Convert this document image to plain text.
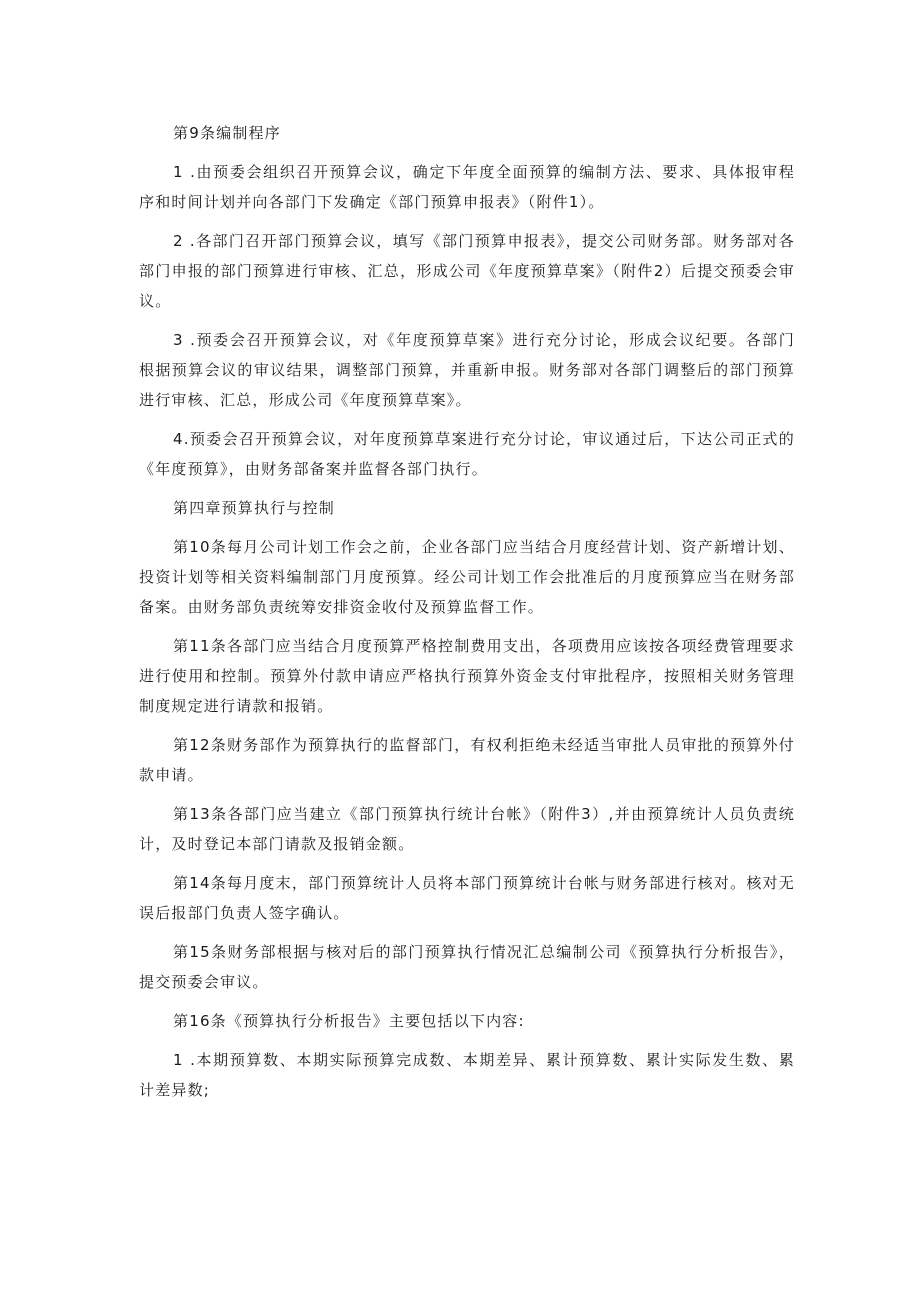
第9条编制程序

1 .由预委会组织召开预算会议，确定下年度全面预算的编制方法、要求、具体报审程序和时间计划并向各部门下发确定《部门预算申报表》（附件1）。

2 .各部门召开部门预算会议，填写《部门预算申报表》，提交公司财务部。财务部对各部门申报的部门预算进行审核、汇总，形成公司《年度预算草案》（附件2）后提交预委会审议。

3 .预委会召开预算会议，对《年度预算草案》进行充分讨论，形成会议纪要。各部门根据预算会议的审议结果，调整部门预算，并重新申报。财务部对各部门调整后的部门预算进行审核、汇总，形成公司《年度预算草案》。

4.预委会召开预算会议，对年度预算草案进行充分讨论，审议通过后，下达公司正式的《年度预算》，由财务部备案并监督各部门执行。

第四章预算执行与控制

第10条每月公司计划工作会之前，企业各部门应当结合月度经营计划、资产新增计划、投资计划等相关资料编制部门月度预算。经公司计划工作会批准后的月度预算应当在财务部备案。由财务部负责统筹安排资金收付及预算监督工作。

第11条各部门应当结合月度预算严格控制费用支出，各项费用应该按各项经费管理要求进行使用和控制。预算外付款申请应严格执行预算外资金支付审批程序，按照相关财务管理制度规定进行请款和报销。

第12条财务部作为预算执行的监督部门，有权利拒绝未经适当审批人员审批的预算外付款申请。

第13条各部门应当建立《部门预算执行统计台帐》（附件3）,并由预算统计人员负责统计，及时登记本部门请款及报销金额。

第14条每月度末，部门预算统计人员将本部门预算统计台帐与财务部进行核对。核对无误后报部门负责人签字确认。

第15条财务部根据与核对后的部门预算执行情况汇总编制公司《预算执行分析报告》，提交预委会审议。

第16条《预算执行分析报告》主要包括以下内容:

1 .本期预算数、本期实际预算完成数、本期差异、累计预算数、累计实际发生数、累计差异数;
